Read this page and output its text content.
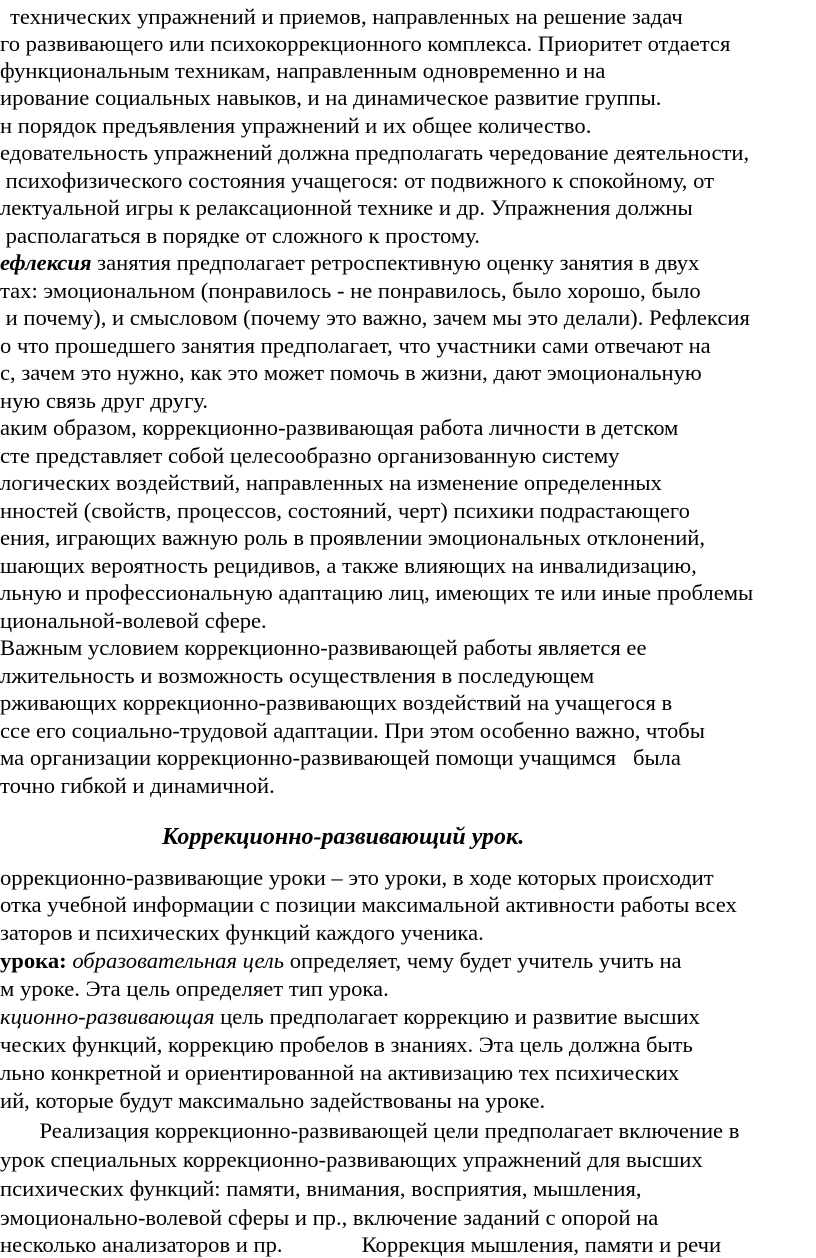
технических упражнений и приемов, направленных на решение задач
го развивающего или психокоррекционного комплекса. Приоритет отдается
функциональным техникам, направленным одновременно и на
ирование социальных навыков, и на динамическое развитие группы.
н порядок предъявления упражнений и их общее количество.
едовательность упражнений должна предполагать чередование деятельности,
психофизического состояния учащегося: от подвижного к спокойному, от
лектуальной игры к релаксационной технике и др. Упражнения должны
располагаться в порядке от сложного к простому.
ефлексия занятия предполагает ретроспективную оценку занятия в двух
тах: эмоциональном (понравилось - не понравилось, было хорошо, было
и почему), и смысловом (почему это важно, зачем мы это делали). Рефлексия
о что прошедшего занятия предполагает, что участники сами отвечают на
с, зачем это нужно, как это может помочь в жизни, дают эмоциональную
ную связь друг другу.
аким образом, коррекционно-развивающая работа личности в детском
сте представляет собой целесообразно организованную систему
логических воздействий, направленных на изменение определенных
нностей (свойств, процессов, состояний, черт) психики подрастающего
ения, играющих важную роль в проявлении эмоциональных отклонений,
шающих вероятность рецидивов, а также влияющих на инвалидизацию,
льную и профессиональную адаптацию лиц, имеющих те или иные проблемы
циональной-волевой сфере.
Важным условием коррекционно-развивающей работы является ее
лжительность и возможность осуществления в последующем
рживающих коррекционно-развивающих воздействий на учащегося в
ссе его социально-трудовой адаптации. При этом особенно важно, чтобы
ма организации коррекционно-развивающей помощи учащимся   была
точно гибкой и динамичной.
Коррекционно-развивающий урок.
оррекционно-развивающие уроки – это уроки, в ходе которых происходит
отка учебной информации с позиции максимальной активности работы всех
заторов и психических функций каждого ученика.
урока: образовательная цель определяет, чему будет учитель учить на
м уроке. Эта цель определяет тип урока.
кционно-развивающая цель предполагает коррекцию и развитие высших
ческих функций, коррекцию пробелов в знаниях. Эта цель должна быть
льно конкретной и ориентированной на активизацию тех психических
ий, которые будут максимально задействованы на уроке.
Реализация коррекционно-развивающей цели предполагает включение в
урок специальных коррекционно-развивающих упражнений для высших
психических функций: памяти, внимания, восприятия, мышления,
эмоционально-волевой сферы и пр., включение заданий с опорой на
несколько анализаторов и пр.              Коррекция мышления, памяти и речи
